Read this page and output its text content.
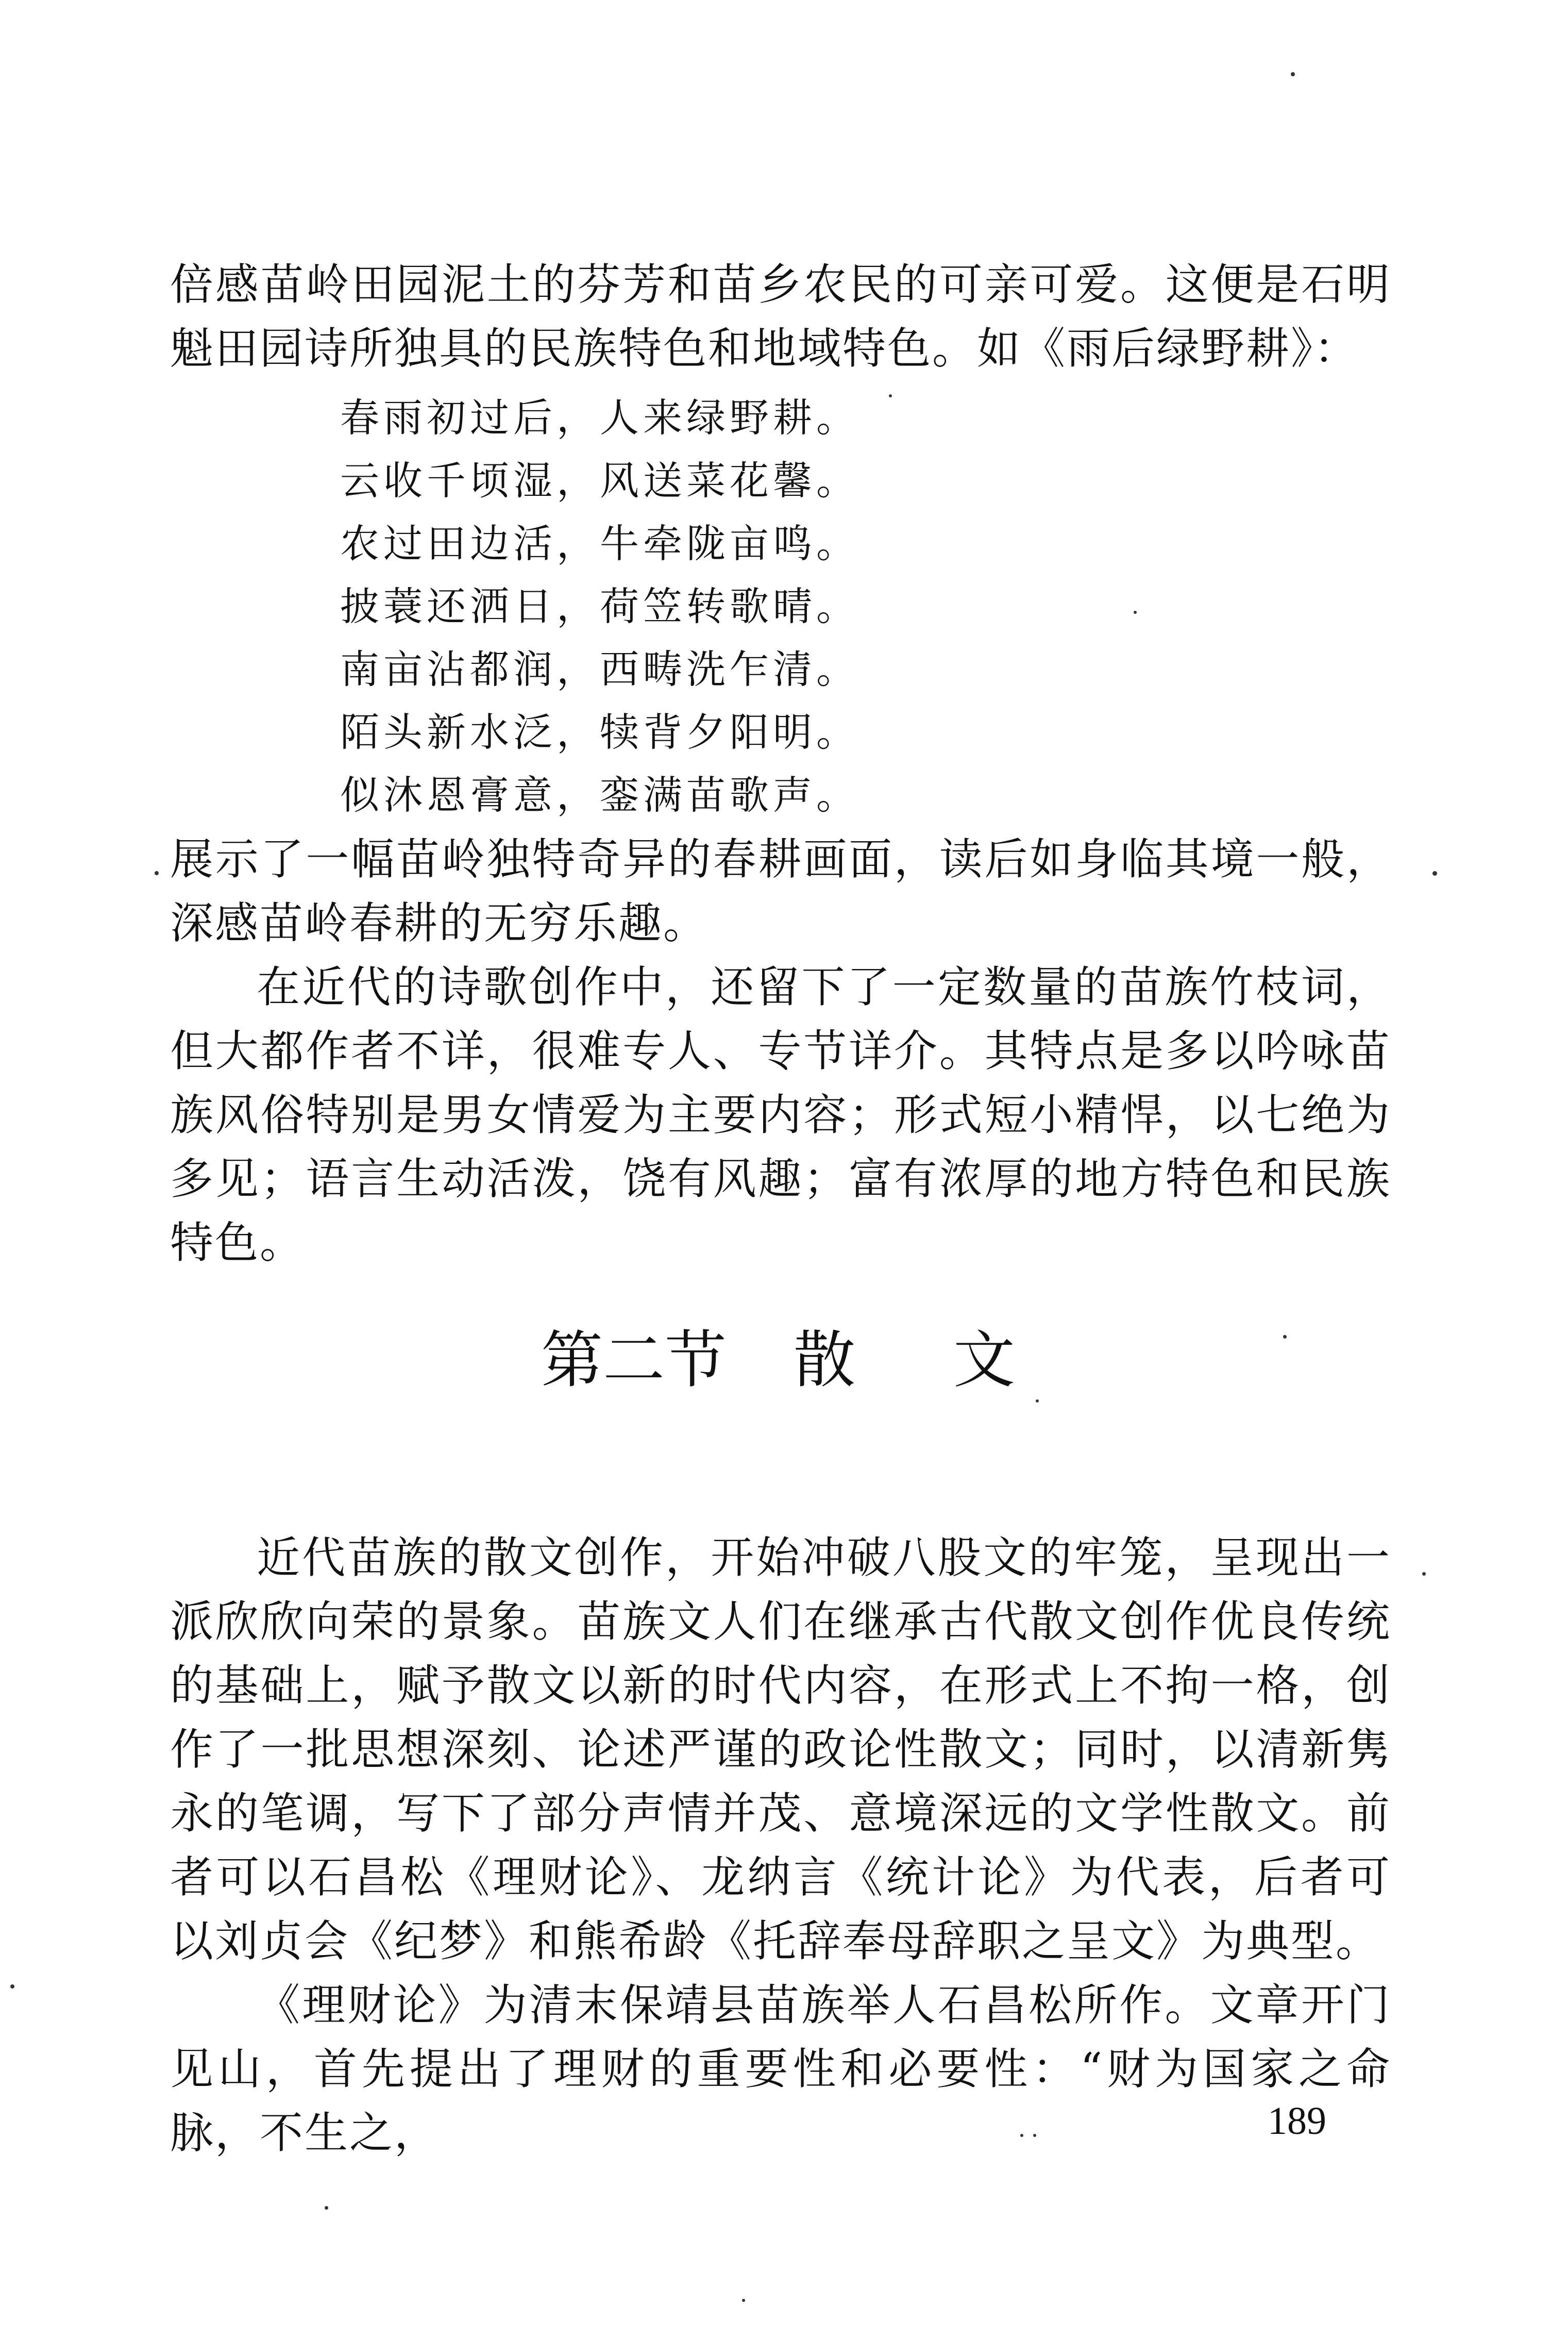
倍感苗岭田园泥土的芬芳和苗乡农民的可亲可爱。这便是石明魁田园诗所独具的民族特色和地域特色。如《雨后绿野耕》：

春雨初过后，人来绿野耕。
云收千顷湿，风送菜花馨。
农过田边活，牛牵陇亩鸣。
披蓑还洒日，荷笠转歌晴。
南亩沾都润，西畴洗乍清。
陌头新水泛，犊背夕阳明。
似沐恩膏意，銮满苗歌声。

展示了一幅苗岭独特奇异的春耕画面，读后如身临其境一般，深感苗岭春耕的无穷乐趣。

在近代的诗歌创作中，还留下了一定数量的苗族竹枝词，但大都作者不详，很难专人、专节详介。其特点是多以吟咏苗族风俗特别是男女情爱为主要内容；形式短小精悍，以七绝为多见；语言生动活泼，饶有风趣；富有浓厚的地方特色和民族特色。

第二节 散 文

近代苗族的散文创作，开始冲破八股文的牢笼，呈现出一派欣欣向荣的景象。苗族文人们在继承古代散文创作优良传统的基础上，赋予散文以新的时代内容，在形式上不拘一格，创作了一批思想深刻、论述严谨的政论性散文；同时，以清新隽永的笔调，写下了部分声情并茂、意境深远的文学性散文。前者可以石昌松《理财论》、龙纳言《统计论》为代表，后者可以刘贞会《纪梦》和熊希龄《托辞奉母辞职之呈文》为典型。

《理财论》为清末保靖县苗族举人石昌松所作。文章开门见山，首先提出了理财的重要性和必要性：“财为国家之命脉，不生之，	189
